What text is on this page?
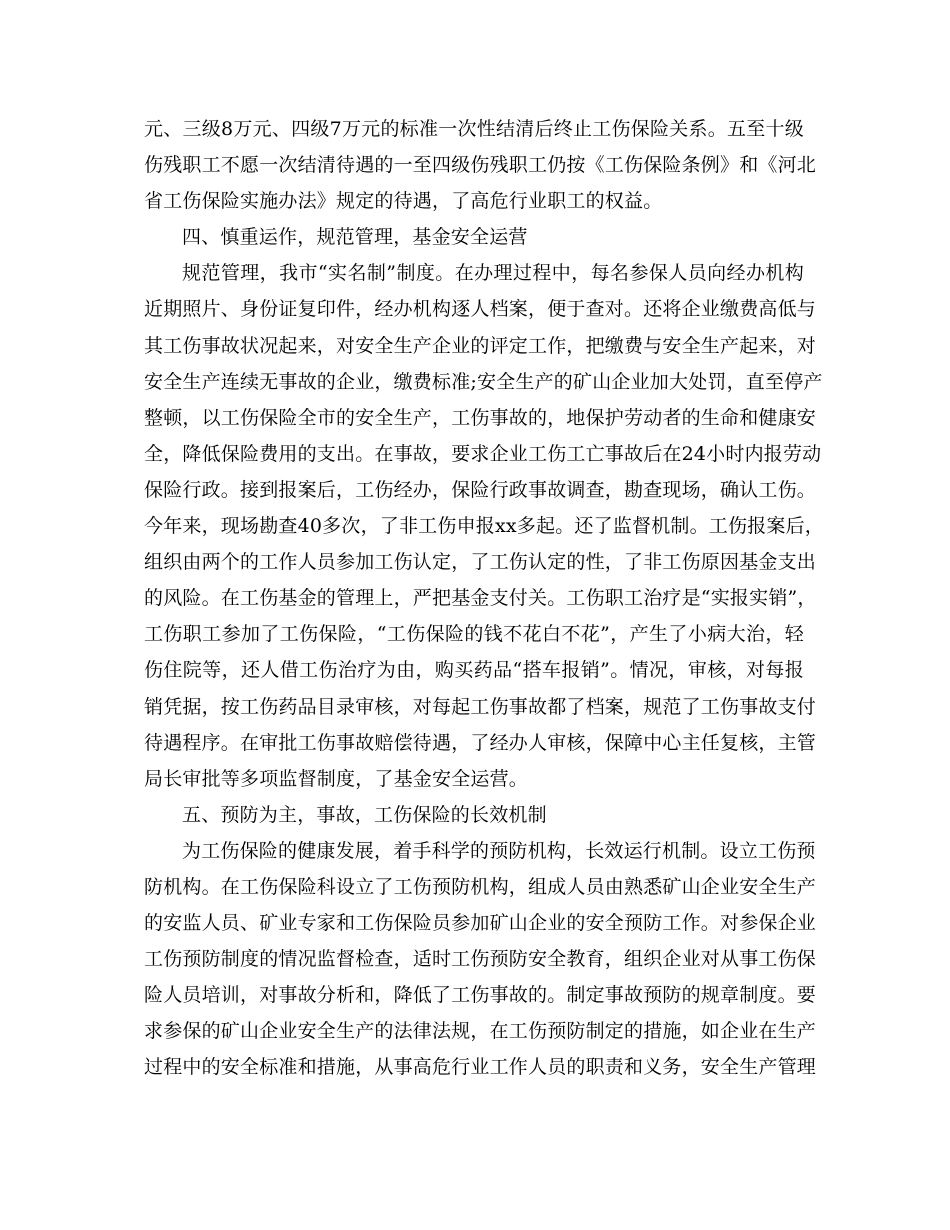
元、三级8万元、四级7万元的标准一次性结清后终止工伤保险关系。五至十级
伤残职工不愿一次结清待遇的一至四级伤残职工仍按《工伤保险条例》和《河北
省工伤保险实施办法》规定的待遇，了高危行业职工的权益。
四、慎重运作，规范管理，基金安全运营
规范管理，我市“实名制”制度。在办理过程中，每名参保人员向经办机构
近期照片、身份证复印件，经办机构逐人档案，便于查对。还将企业缴费高低与
其工伤事故状况起来，对安全生产企业的评定工作，把缴费与安全生产起来，对
安全生产连续无事故的企业，缴费标准;安全生产的矿山企业加大处罚，直至停产
整顿，以工伤保险全市的安全生产，工伤事故的，地保护劳动者的生命和健康安
全，降低保险费用的支出。在事故，要求企业工伤工亡事故后在24小时内报劳动
保险行政。接到报案后，工伤经办，保险行政事故调查，勘查现场，确认工伤。
今年来，现场勘查40多次，了非工伤申报xx多起。还了监督机制。工伤报案后，
组织由两个的工作人员参加工伤认定，了工伤认定的性，了非工伤原因基金支出
的风险。在工伤基金的管理上，严把基金支付关。工伤职工治疗是“实报实销”，
工伤职工参加了工伤保险，“工伤保险的钱不花白不花”，产生了小病大治，轻
伤住院等，还人借工伤治疗为由，购买药品“搭车报销”。情况，审核，对每报
销凭据，按工伤药品目录审核，对每起工伤事故都了档案，规范了工伤事故支付
待遇程序。在审批工伤事故赔偿待遇，了经办人审核，保障中心主任复核，主管
局长审批等多项监督制度，了基金安全运营。
五、预防为主，事故，工伤保险的长效机制
为工伤保险的健康发展，着手科学的预防机构，长效运行机制。设立工伤预
防机构。在工伤保险科设立了工伤预防机构，组成人员由熟悉矿山企业安全生产
的安监人员、矿业专家和工伤保险员参加矿山企业的安全预防工作。对参保企业
工伤预防制度的情况监督检查，适时工伤预防安全教育，组织企业对从事工伤保
险人员培训，对事故分析和，降低了工伤事故的。制定事故预防的规章制度。要
求参保的矿山企业安全生产的法律法规，在工伤预防制定的措施，如企业在生产
过程中的安全标准和措施，从事高危行业工作人员的职责和义务，安全生产管理
